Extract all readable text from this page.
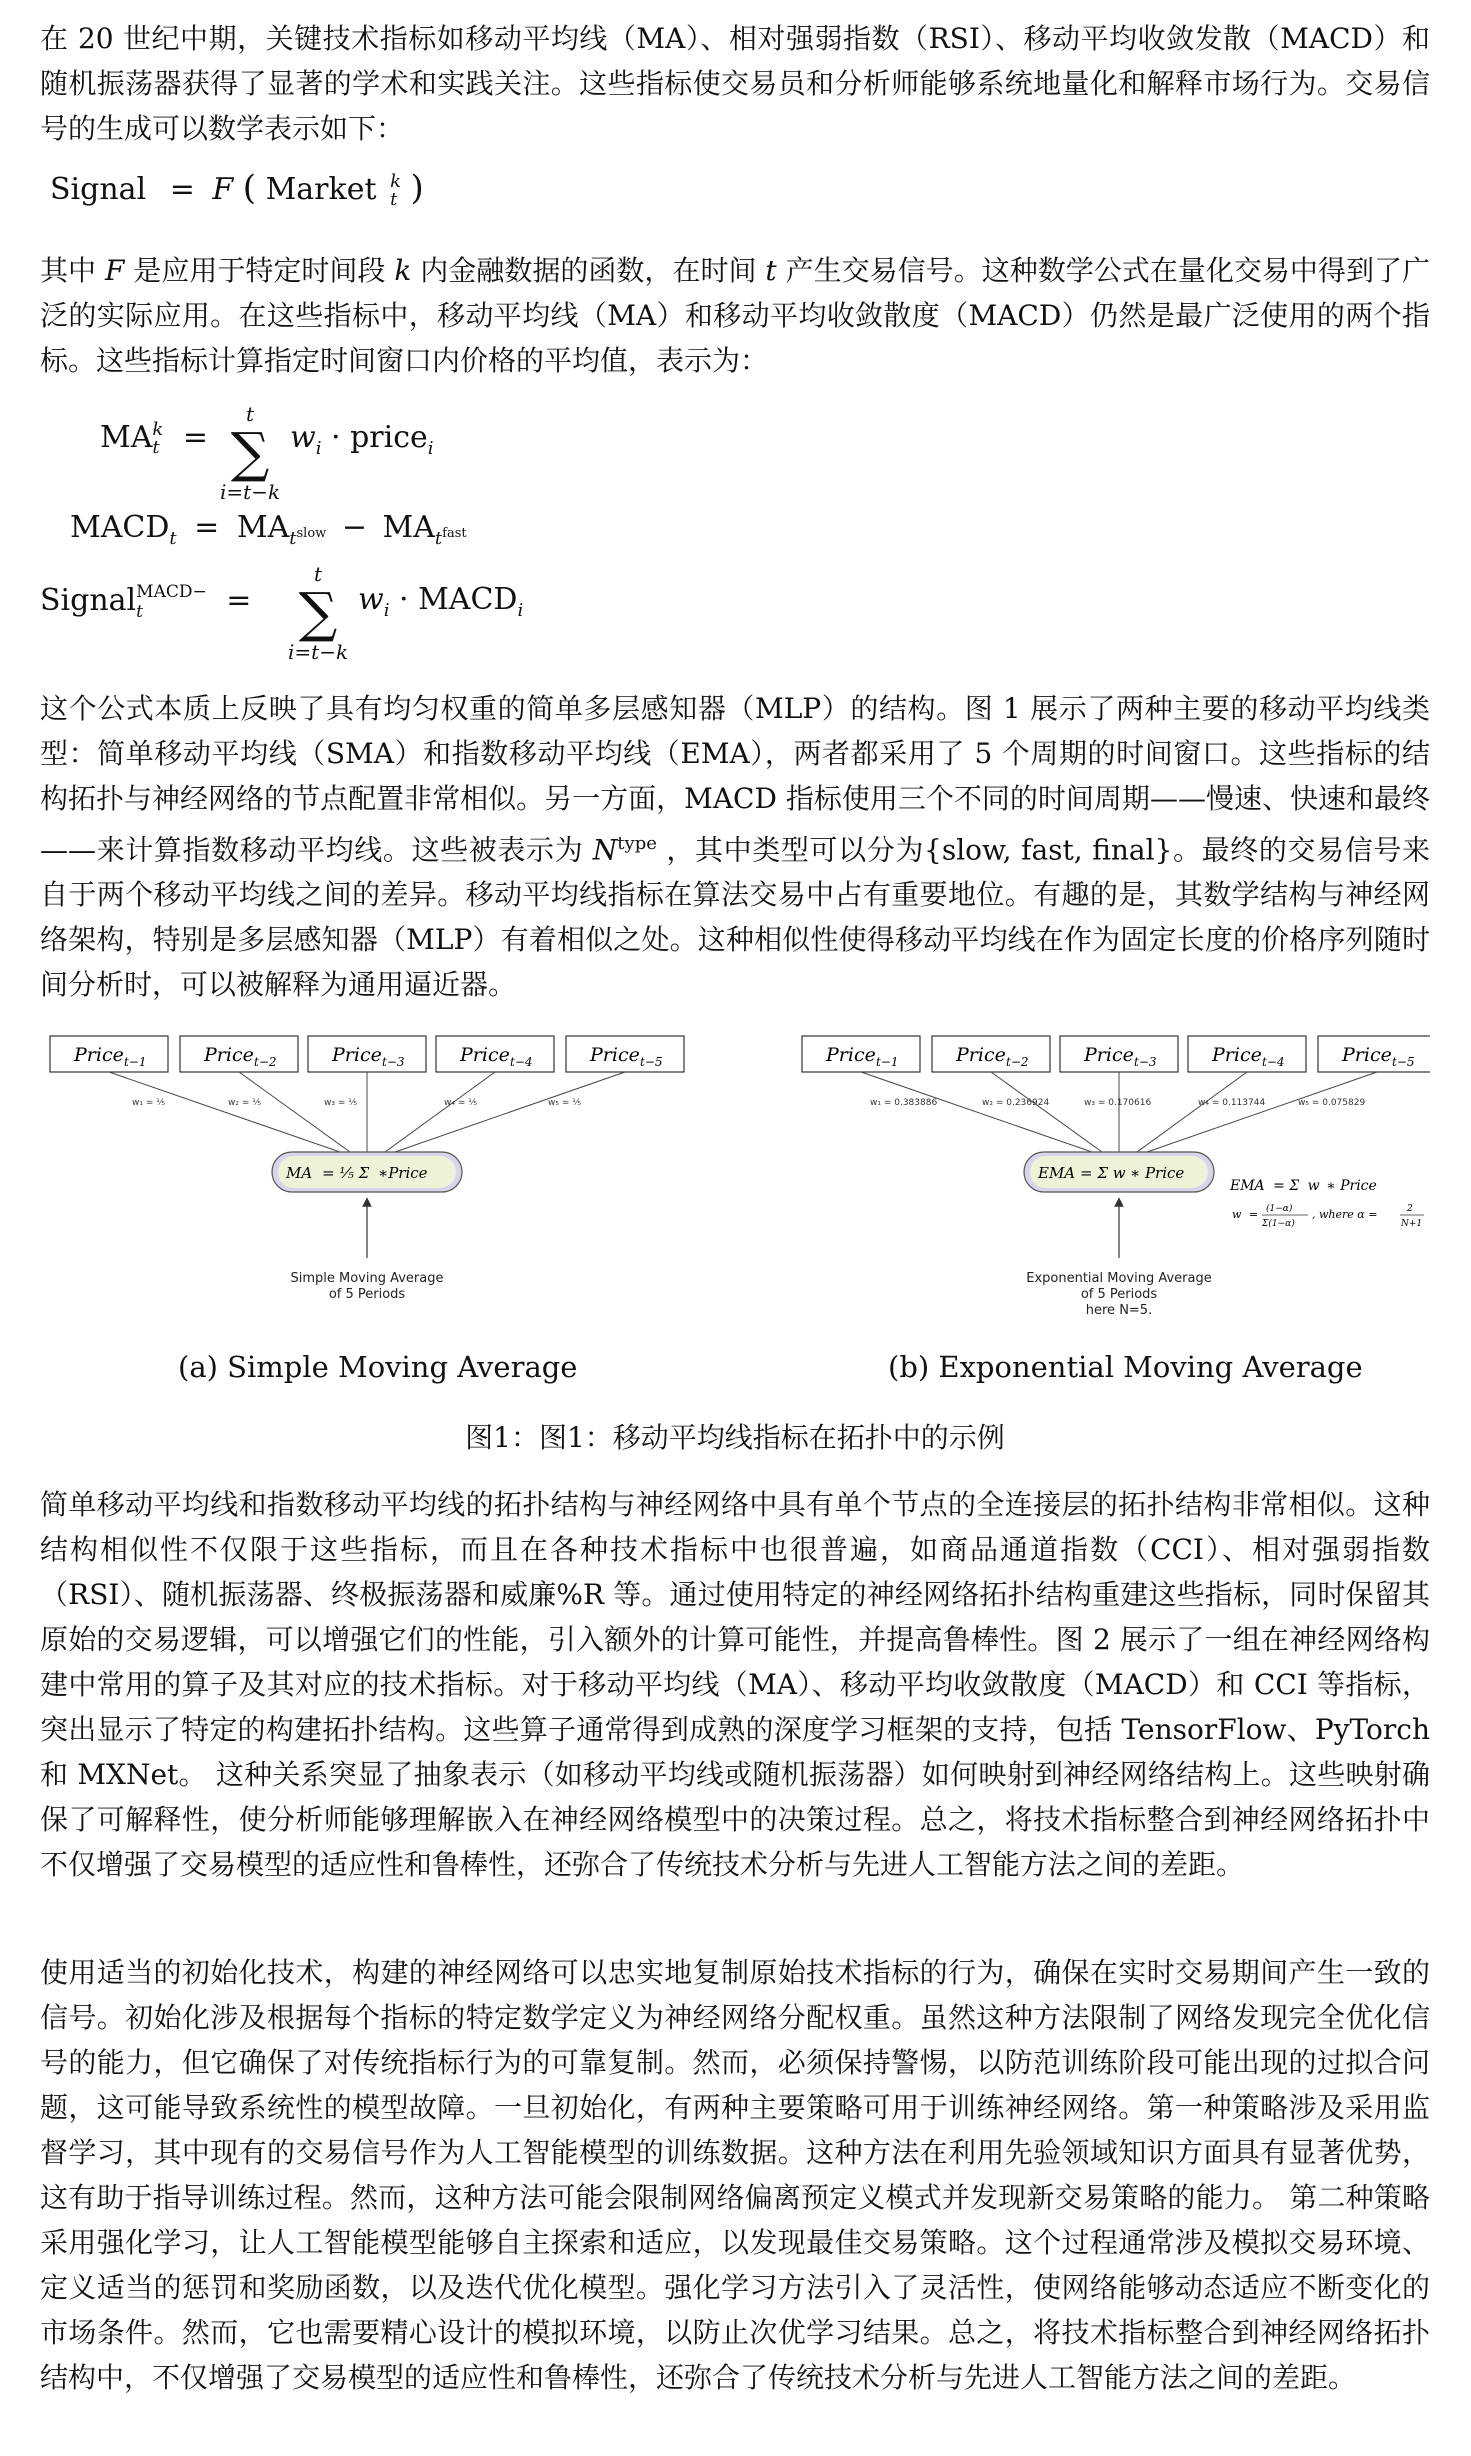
在 20 世纪中期，关键技术指标如移动平均线（MA）、相对强弱指数（RSI）、移动平均收敛发散（MACD）和随机振荡器获得了显著的学术和实践关注。这些指标使交易员和分析师能够系统地量化和解释市场行为。交易信号的生成可以数学表示如下：

Signal = F ( Market k
t )

其中 F 是应用于特定时间段 k 内金融数据的函数，在时间 t 产生交易信号。这种数学公式在量化交易中得到了广泛的实际应用。在这些指标中，移动平均线（MA）和移动平均收敛散度（MACD）仍然是最广泛使用的两个指标。这些指标计算指定时间窗口内价格的平均值，表示为：

MA k
t =
t
∑
i=t−k
$w_i$ · price$_i$
$MACD_t = MA_{t^{slow}} - MA_{t^{fast}}$
Signal MACD−
t	=
t
∑
i=t−k
$w_i$ · $MACD_i$

这个公式本质上反映了具有均匀权重的简单多层感知器（MLP）的结构。图 1 展示了两种主要的移动平均线类型：简单移动平均线（SMA）和指数移动平均线（EMA），两者都采用了 5 个周期的时间窗口。这些指标的结构拓扑与神经网络的节点配置非常相似。另一方面，MACD 指标使用三个不同的时间周期——慢速、快速和最终——来计算指数移动平均线。这些被表示为 $N^{type}$ ，其中类型可以分为{slow, fast, final}。最终的交易信号来自于两个移动平均线之间的差异。移动平均线指标在算法交易中占有重要地位。有趣的是，其数学结构与神经网络架构，特别是多层感知器（MLP）有着相似之处。这种相似性使得移动平均线在作为固定长度的价格序列随时间分析时，可以被解释为通用逼近器。

Price t−1	Price t−2	Price t−3	Price t−4	Price t−5
w₁ = ⅕	w₂ = ⅕	w₃ = ⅕	w₄ = ⅕	w₅ = ⅕
MA = ⅕ Σ ∗Price
Simple Moving Average
of 5 Periods
Price t−1	Price t−2	Price t−3	Price t−4	Price t−5
w₁ = 0.383886	w₂ = 0.236924	w₃ = 0.170616	w₄ = 0.113744	w₅ = 0.075829
EMA = Σ w ∗ Price
Exponential Moving Average
of 5 Periods
here N=5.
EMA = Σ w ∗ Price
w = (1−α)
Σ(1−α)
, where α =	2
N+1
(a) Simple Moving Average	(b) Exponential Moving Average
图1：图1：移动平均线指标在拓扑中的示例

简单移动平均线和指数移动平均线的拓扑结构与神经网络中具有单个节点的全连接层的拓扑结构非常相似。这种结构相似性不仅限于这些指标，而且在各种技术指标中也很普遍，如商品通道指数（CCI）、相对强弱指数（RSI）、随机振荡器、终极振荡器和威廉%R 等。通过使用特定的神经网络拓扑结构重建这些指标，同时保留其原始的交易逻辑，可以增强它们的性能，引入额外的计算可能性，并提高鲁棒性。图 2 展示了一组在神经网络构建中常用的算子及其对应的技术指标。对于移动平均线（MA）、移动平均收敛散度（MACD）和 CCI 等指标，突出显示了特定的构建拓扑结构。这些算子通常得到成熟的深度学习框架的支持，包括 TensorFlow、PyTorch 和 MXNet。 这种关系突显了抽象表示（如移动平均线或随机振荡器）如何映射到神经网络结构上。这些映射确保了可解释性，使分析师能够理解嵌入在神经网络模型中的决策过程。总之，将技术指标整合到神经网络拓扑中不仅增强了交易模型的适应性和鲁棒性，还弥合了传统技术分析与先进人工智能方法之间的差距。

使用适当的初始化技术，构建的神经网络可以忠实地复制原始技术指标的行为，确保在实时交易期间产生一致的信号。初始化涉及根据每个指标的特定数学定义为神经网络分配权重。虽然这种方法限制了网络发现完全优化信号的能力，但它确保了对传统指标行为的可靠复制。然而，必须保持警惕，以防范训练阶段可能出现的过拟合问题，这可能导致系统性的模型故障。一旦初始化，有两种主要策略可用于训练神经网络。第一种策略涉及采用监督学习，其中现有的交易信号作为人工智能模型的训练数据。这种方法在利用先验领域知识方面具有显著优势，这有助于指导训练过程。然而，这种方法可能会限制网络偏离预定义模式并发现新交易策略的能力。 第二种策略采用强化学习，让人工智能模型能够自主探索和适应，以发现最佳交易策略。这个过程通常涉及模拟交易环境、定义适当的惩罚和奖励函数，以及迭代优化模型。强化学习方法引入了灵活性，使网络能够动态适应不断变化的市场条件。然而，它也需要精心设计的模拟环境，以防止次优学习结果。总之，将技术指标整合到神经网络拓扑结构中，不仅增强了交易模型的适应性和鲁棒性，还弥合了传统技术分析与先进人工智能方法之间的差距。
